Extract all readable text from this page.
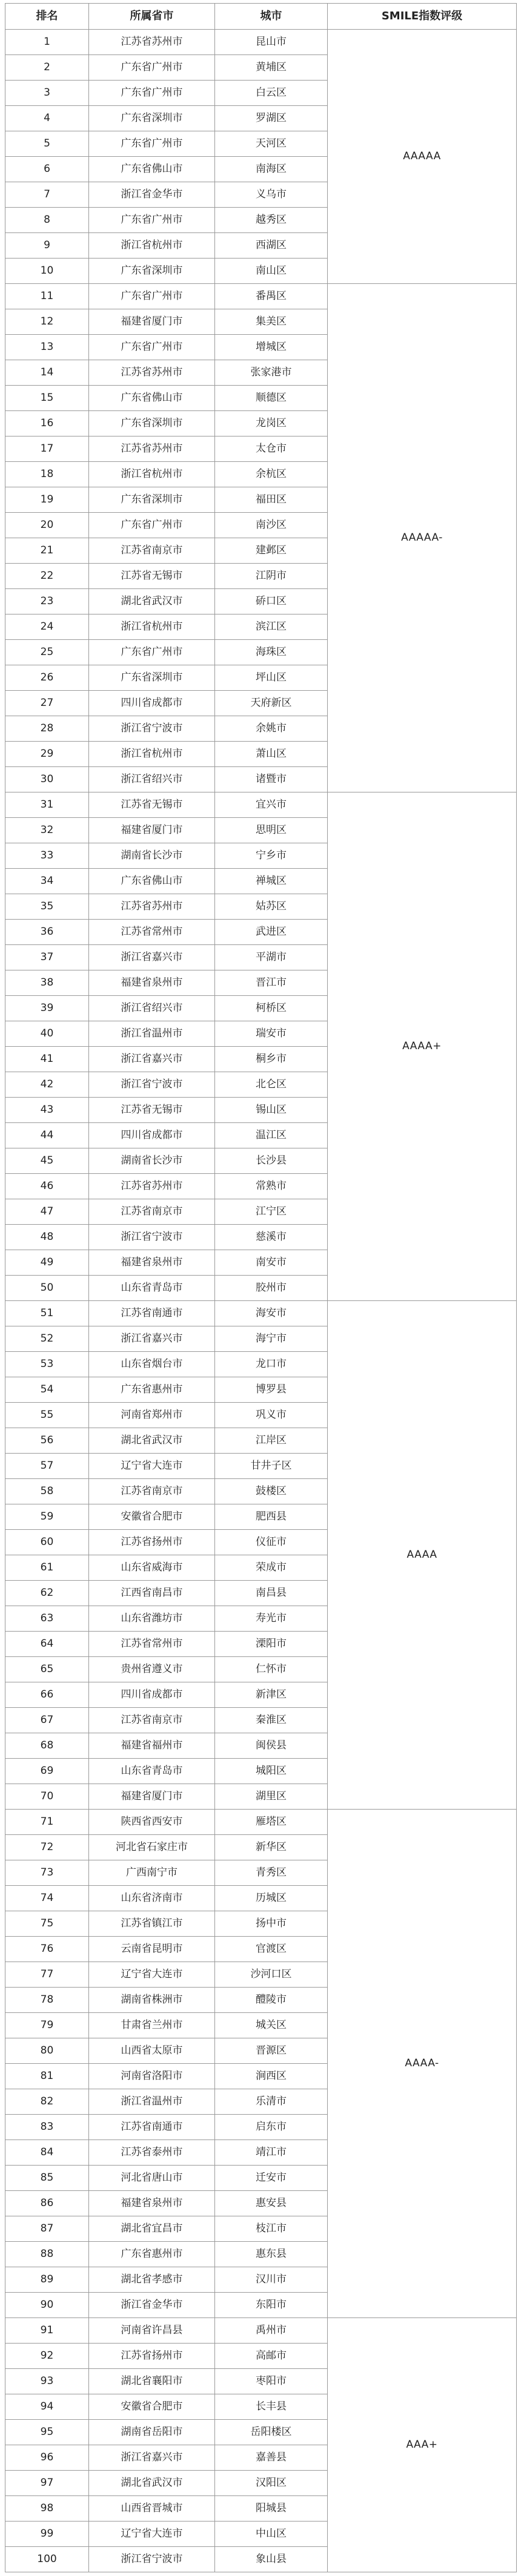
排名	所属省市	城市	SMILE指数评级
1	江苏省苏州市	昆山市	AAAAA
2	广东省广州市	黄埔区	
3	广东省广州市	白云区	
4	广东省深圳市	罗湖区	
5	广东省广州市	天河区	
6	广东省佛山市	南海区	
7	浙江省金华市	义乌市	
8	广东省广州市	越秀区	
9	浙江省杭州市	西湖区	
10	广东省深圳市	南山区	
11	广东省广州市	番禺区	AAAAA-
12	福建省厦门市	集美区	
13	广东省广州市	增城区	
14	江苏省苏州市	张家港市	
15	广东省佛山市	顺德区	
16	广东省深圳市	龙岗区	
17	江苏省苏州市	太仓市	
18	浙江省杭州市	余杭区	
19	广东省深圳市	福田区	
20	广东省广州市	南沙区	
21	江苏省南京市	建邺区	
22	江苏省无锡市	江阴市	
23	湖北省武汉市	硚口区	
24	浙江省杭州市	滨江区	
25	广东省广州市	海珠区	
26	广东省深圳市	坪山区	
27	四川省成都市	天府新区	
28	浙江省宁波市	余姚市	
29	浙江省杭州市	萧山区	
30	浙江省绍兴市	诸暨市	
31	江苏省无锡市	宜兴市	AAAA+
32	福建省厦门市	思明区	
33	湖南省长沙市	宁乡市	
34	广东省佛山市	禅城区	
35	江苏省苏州市	姑苏区	
36	江苏省常州市	武进区	
37	浙江省嘉兴市	平湖市	
38	福建省泉州市	晋江市	
39	浙江省绍兴市	柯桥区	
40	浙江省温州市	瑞安市	
41	浙江省嘉兴市	桐乡市	
42	浙江省宁波市	北仑区	
43	江苏省无锡市	锡山区	
44	四川省成都市	温江区	
45	湖南省长沙市	长沙县	
46	江苏省苏州市	常熟市	
47	江苏省南京市	江宁区	
48	浙江省宁波市	慈溪市	
49	福建省泉州市	南安市	
50	山东省青岛市	胶州市	
51	江苏省南通市	海安市	AAAA
52	浙江省嘉兴市	海宁市	
53	山东省烟台市	龙口市	
54	广东省惠州市	博罗县	
55	河南省郑州市	巩义市	
56	湖北省武汉市	江岸区	
57	辽宁省大连市	甘井子区	
58	江苏省南京市	鼓楼区	
59	安徽省合肥市	肥西县	
60	江苏省扬州市	仪征市	
61	山东省威海市	荣成市	
62	江西省南昌市	南昌县	
63	山东省潍坊市	寿光市	
64	江苏省常州市	溧阳市	
65	贵州省遵义市	仁怀市	
66	四川省成都市	新津区	
67	江苏省南京市	秦淮区	
68	福建省福州市	闽侯县	
69	山东省青岛市	城阳区	
70	福建省厦门市	湖里区	
71	陕西省西安市	雁塔区	AAAA-
72	河北省石家庄市	新华区	
73	广西南宁市	青秀区	
74	山东省济南市	历城区	
75	江苏省镇江市	扬中市	
76	云南省昆明市	官渡区	
77	辽宁省大连市	沙河口区	
78	湖南省株洲市	醴陵市	
79	甘肃省兰州市	城关区	
80	山西省太原市	晋源区	
81	河南省洛阳市	涧西区	
82	浙江省温州市	乐清市	
83	江苏省南通市	启东市	
84	江苏省泰州市	靖江市	
85	河北省唐山市	迁安市	
86	福建省泉州市	惠安县	
87	湖北省宜昌市	枝江市	
88	广东省惠州市	惠东县	
89	湖北省孝感市	汉川市	
90	浙江省金华市	东阳市	
91	河南省许昌县	禹州市	AAA+
92	江苏省扬州市	高邮市	
93	湖北省襄阳市	枣阳市	
94	安徽省合肥市	长丰县	
95	湖南省岳阳市	岳阳楼区	
96	浙江省嘉兴市	嘉善县	
97	湖北省武汉市	汉阳区	
98	山西省晋城市	阳城县	
99	辽宁省大连市	中山区	
100	浙江省宁波市	象山县	
